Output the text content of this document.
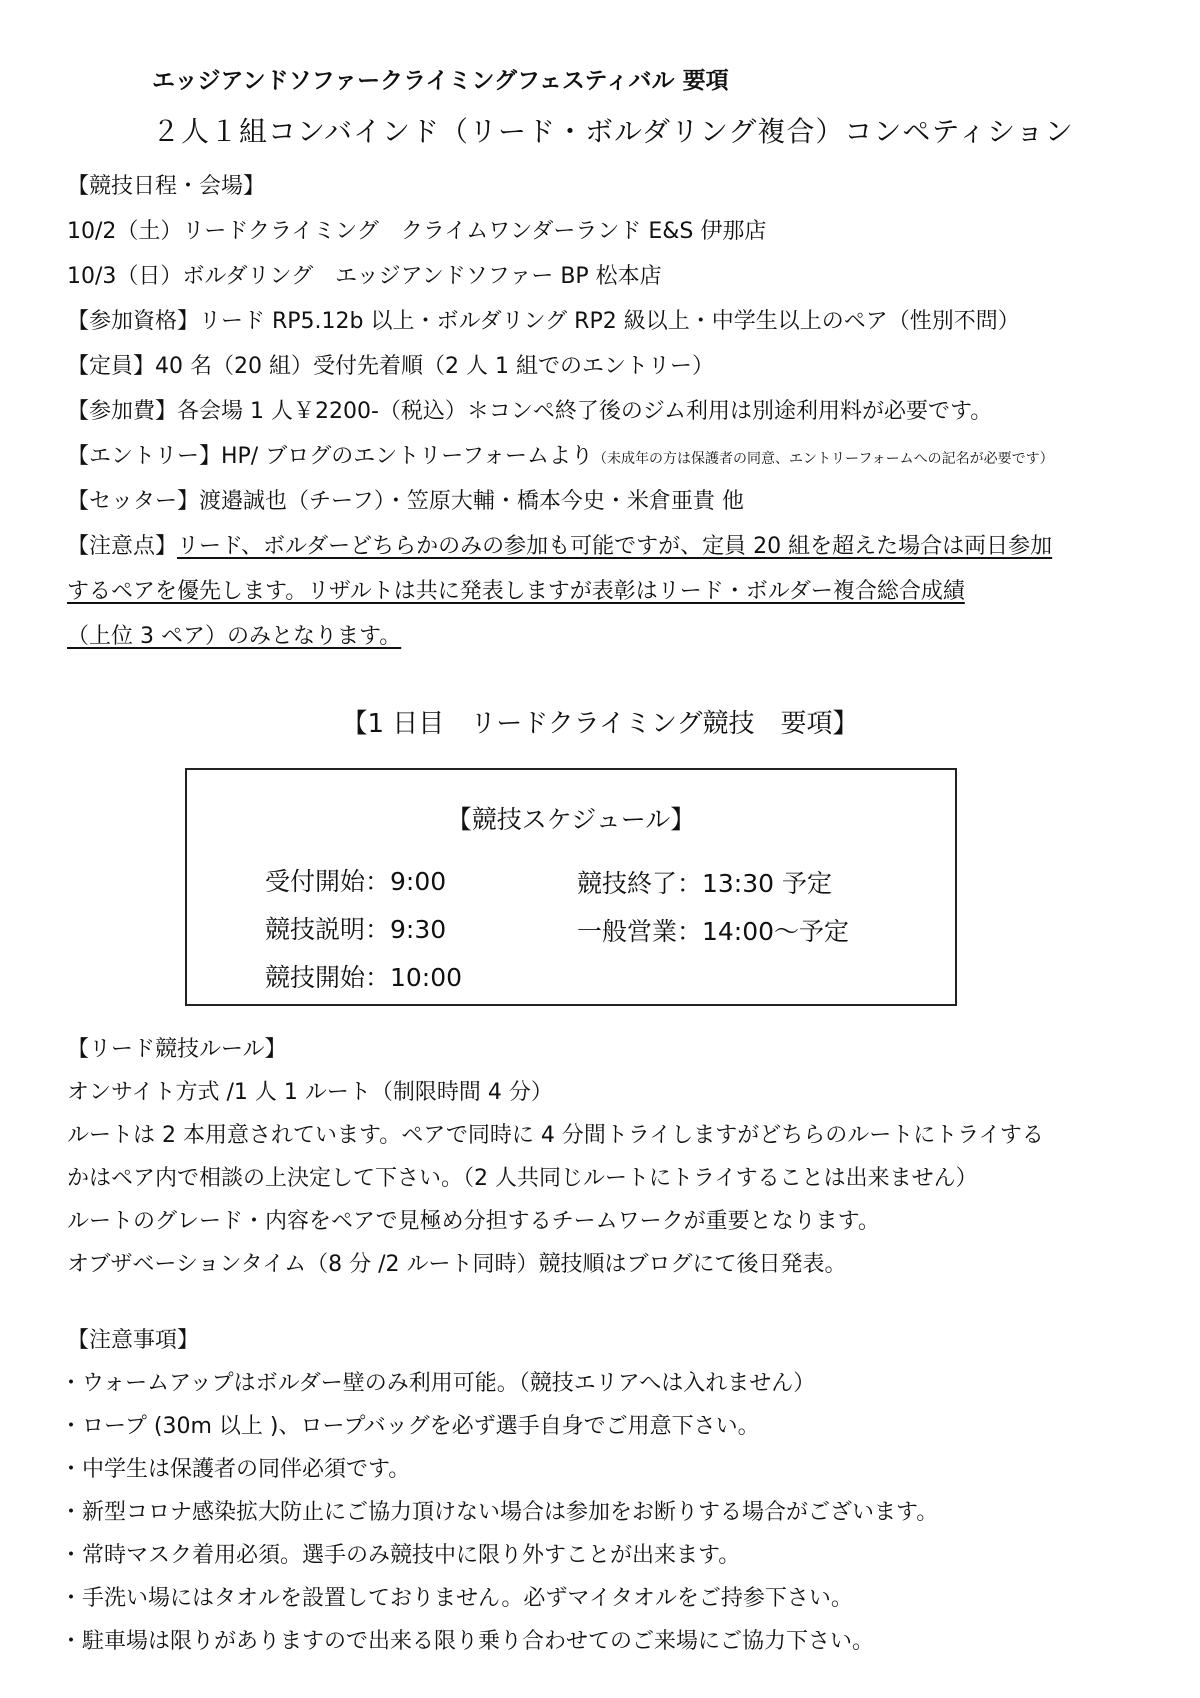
エッジアンドソファークライミングフェスティバル 要項
２人１組コンバインド（リード・ボルダリング複合）コンペティション
【競技日程・会場】
10/2（土）リードクライミング　クライムワンダーランド E&S 伊那店
10/3（日）ボルダリング　エッジアンドソファー BP 松本店
【参加資格】リード RP5.12b 以上・ボルダリング RP2 級以上・中学生以上のペア（性別不問）
【定員】40 名（20 組）受付先着順（2 人 1 組でのエントリー）
【参加費】各会場 1 人￥2200-（税込）＊コンペ終了後のジム利用は別途利用料が必要です。
【エントリー】HP/ ブログのエントリーフォームより（未成年の方は保護者の同意、エントリーフォームへの記名が必要です）
【セッター】渡邉誠也（チーフ）・笠原大輔・橋本今史・米倉亜貴 他
【注意点】リード、ボルダーどちらかのみの参加も可能ですが、定員 20 組を超えた場合は両日参加
するペアを優先します。リザルトは共に発表しますが表彰はリード・ボルダー複合総合成績
（上位 3 ペア）のみとなります。
【1 日目　リードクライミング競技　要項】
【競技スケジュール】
受付開始：9:00
競技説明：9:30
競技開始：10:00
競技終了：13:30 予定
一般営業：14:00～予定
【リード競技ルール】
オンサイト方式 /1 人 1 ルート（制限時間 4 分）
ルートは 2 本用意されています。ペアで同時に 4 分間トライしますがどちらのルートにトライする
かはペア内で相談の上決定して下さい。（2 人共同じルートにトライすることは出来ません）
ルートのグレード・内容をペアで見極め分担するチームワークが重要となります。
オブザベーションタイム（8 分 /2 ルート同時）競技順はブログにて後日発表。
【注意事項】
・ウォームアップはボルダー壁のみ利用可能。（競技エリアへは入れません）
・ロープ (30m 以上 )、ロープバッグを必ず選手自身でご用意下さい。
・中学生は保護者の同伴必須です。
・新型コロナ感染拡大防止にご協力頂けない場合は参加をお断りする場合がございます。
・常時マスク着用必須。選手のみ競技中に限り外すことが出来ます。
・手洗い場にはタオルを設置しておりません。必ずマイタオルをご持参下さい。
・駐車場は限りがありますので出来る限り乗り合わせてのご来場にご協力下さい。
